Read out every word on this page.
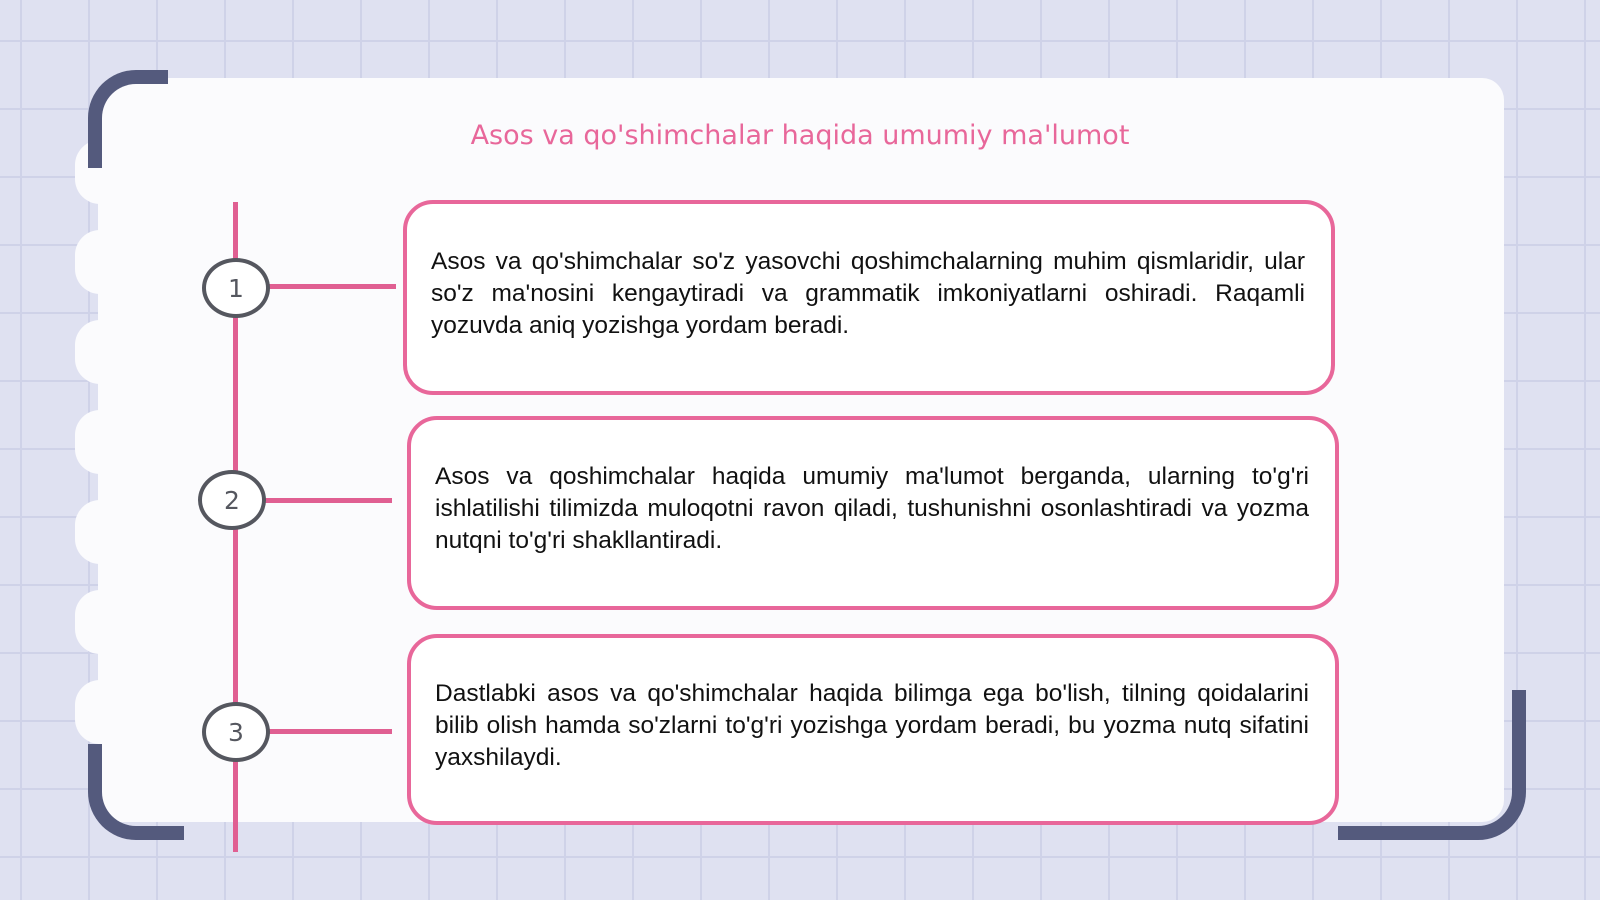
Asos va qo'shimchalar haqida umumiy ma'lumot
1
2
3

Asos va qo'shimchalar so'z yasovchi qoshimchalarning muhim qismlaridir, ular so'z ma'nosini kengaytiradi va grammatik imkoniyatlarni oshiradi. Raqamli yozuvda aniq yozishga yordam beradi.

Asos va qoshimchalar haqida umumiy ma'lumot berganda, ularning to'g'ri ishlatilishi tilimizda muloqotni ravon qiladi, tushunishni osonlashtiradi va yozma nutqni to'g'ri shakllantiradi.

Dastlabki asos va qo'shimchalar haqida bilimga ega bo'lish, tilning qoidalarini bilib olish hamda so'zlarni to'g'ri yozishga yordam beradi, bu yozma nutq sifatini yaxshilaydi.
